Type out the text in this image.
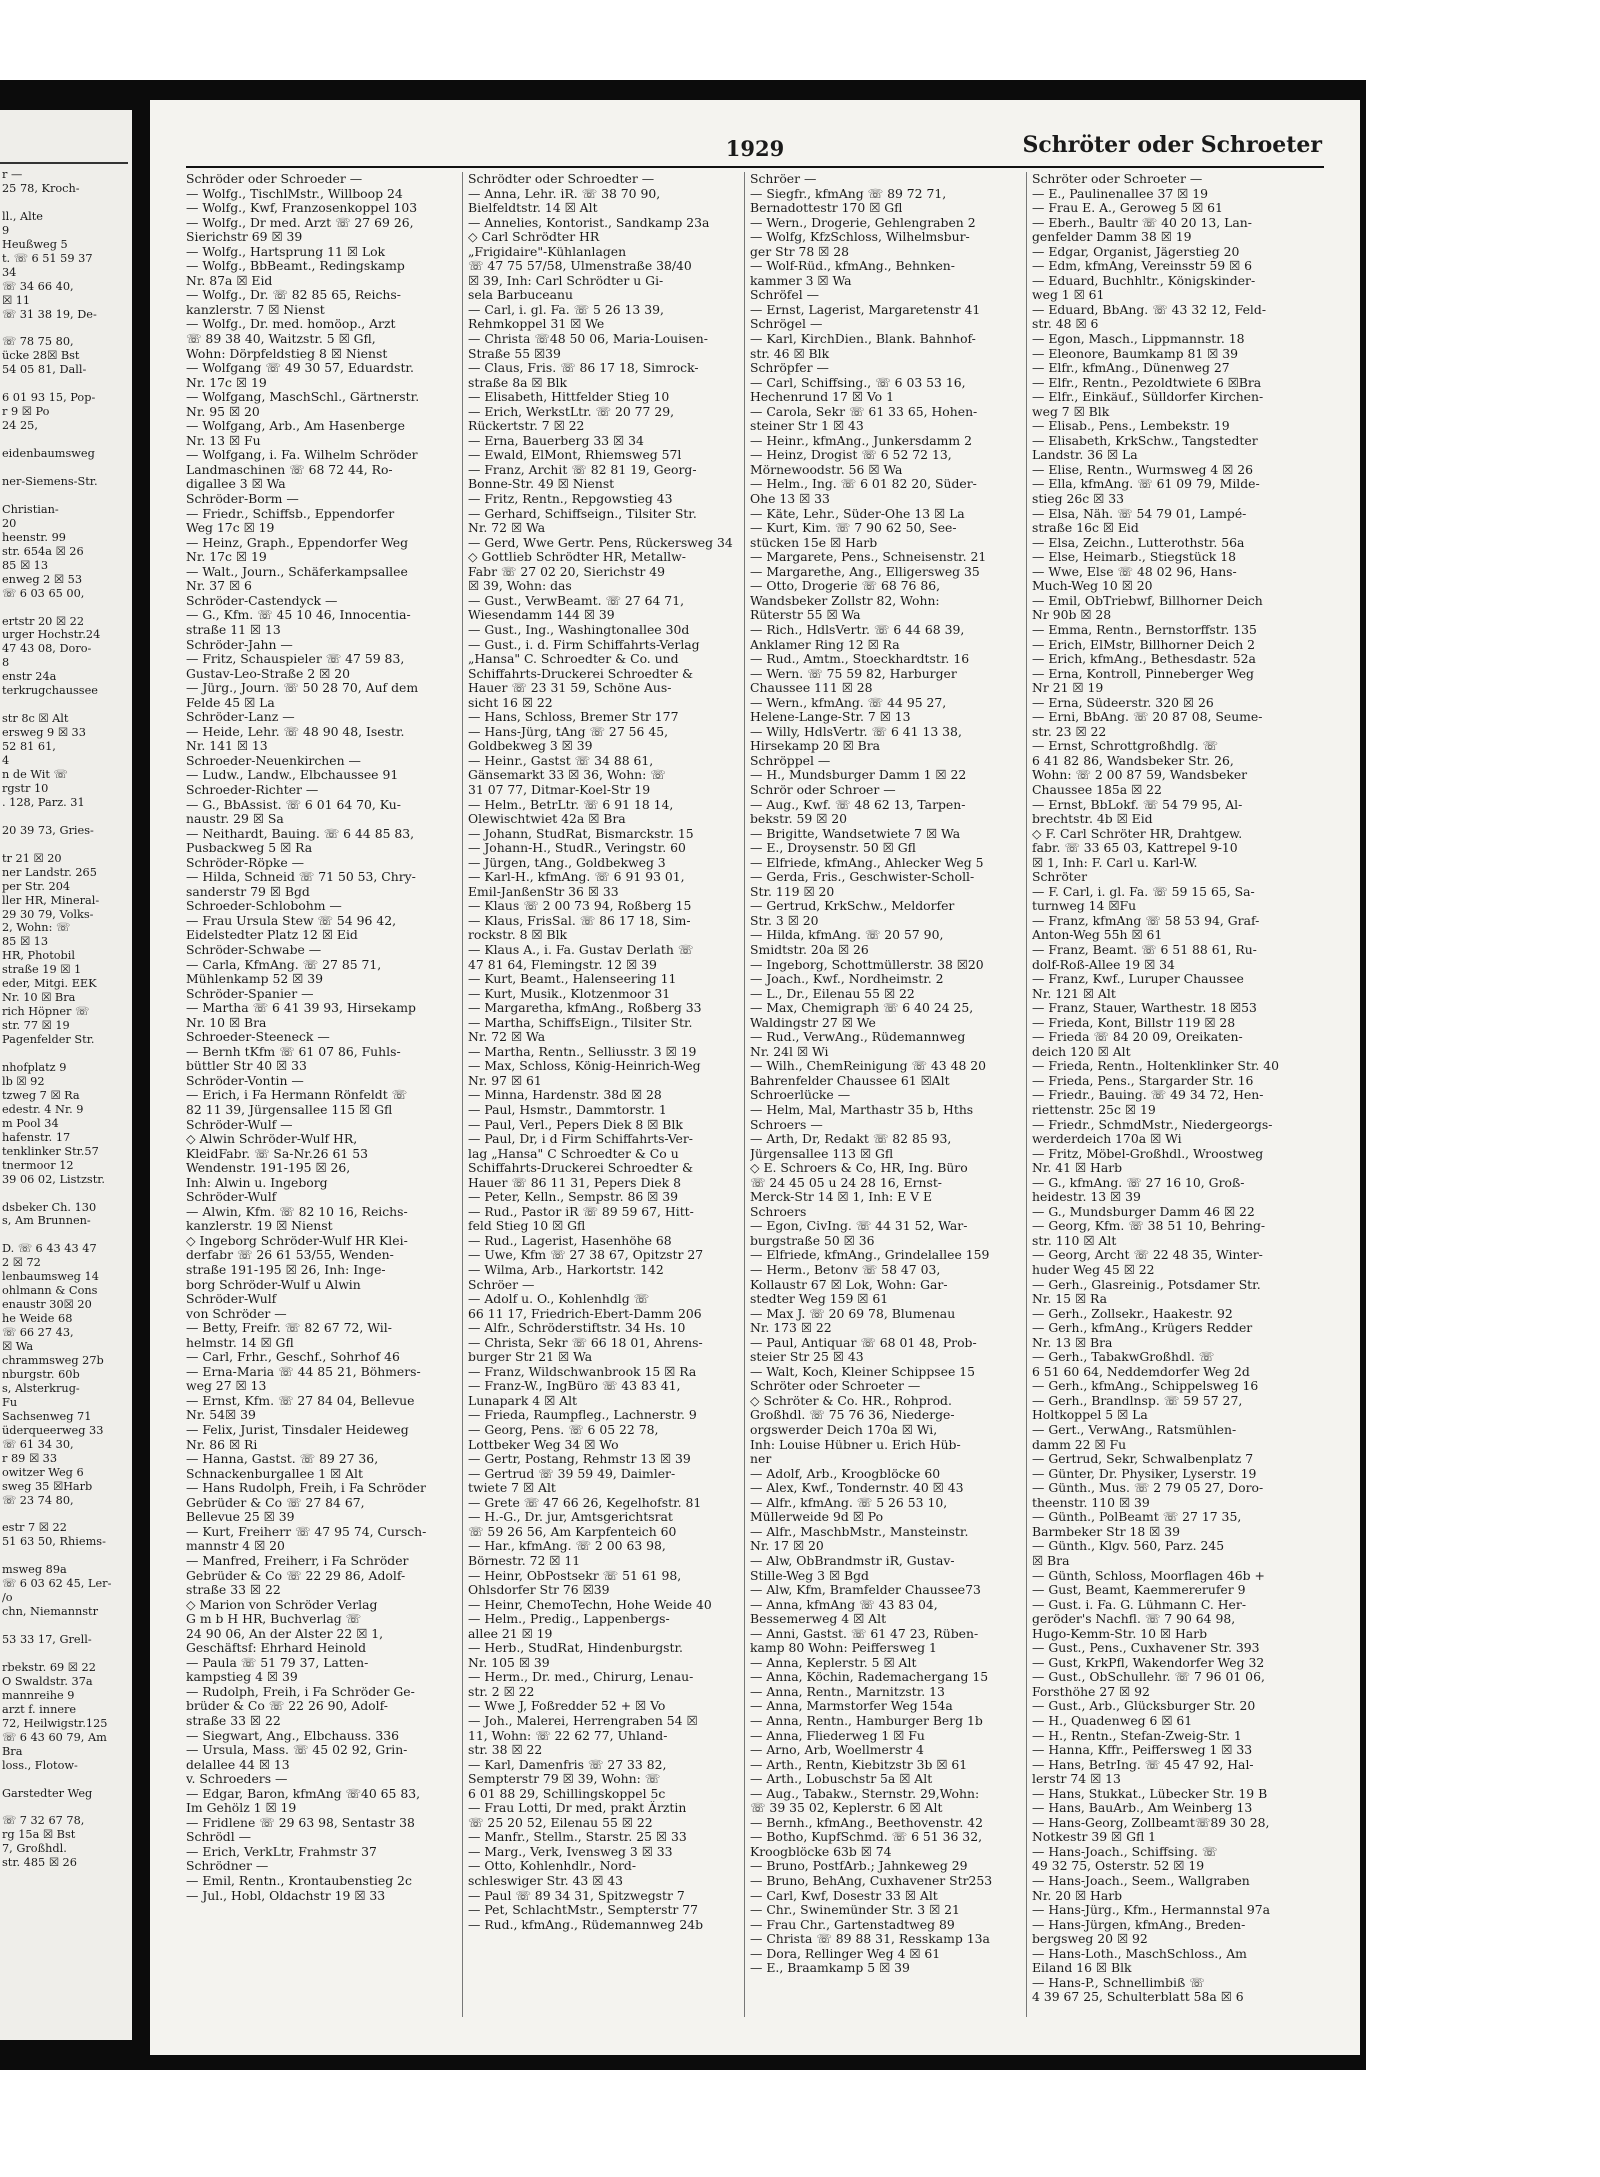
r —
25 78, Kroch-

ll., Alte
9
Heußweg 5
t. ☏ 6 51 59 37
34
☏ 34 66 40,
☒ 11
☏ 31 38 19, De-

☏ 78 75 80,
ücke 28☒ Bst
54 05 81, Dall-

6 01 93 15, Pop-
r 9 ☒ Po
24 25,

eidenbaumsweg

ner-Siemens-Str.

Christian-
20
heenstr. 99
str. 654a ☒ 26
85 ☒ 13
enweg 2 ☒ 53
☏ 6 03 65 00,

ertstr 20 ☒ 22
urger Hochstr.24
47 43 08, Doro-
8
enstr 24a
terkrugchaussee

str 8c ☒ Alt
ersweg 9 ☒ 33
52 81 61,
4
n de Wit ☏
rgstr 10
. 128, Parz. 31

20 39 73, Gries-

tr 21 ☒ 20
ner Landstr. 265
per Str. 204
ller HR, Mineral-
29 30 79, Volks-
2, Wohn: ☏
85 ☒ 13
HR, Photobil
straße 19 ☒ 1
eder, Mitgi. EEK
Nr. 10 ☒ Bra
rich Höpner ☏
str. 77 ☒ 19
Pagenfelder Str.

nhofplatz 9
lb ☒ 92
tzweg 7 ☒ Ra
edestr. 4 Nr. 9
m Pool 34
hafenstr. 17
tenklinker Str.57
tnermoor 12
39 06 02, Listzstr.

dsbeker Ch. 130
s, Am Brunnen-

D. ☏ 6 43 43 47
2 ☒ 72
lenbaumsweg 14
ohlmann & Cons
enaustr 30☒ 20
he Weide 68
☏ 66 27 43,
☒ Wa
chrammsweg 27b
nburgstr. 60b
s, Alsterkrug-
Fu
Sachsenweg 71
üderqueerweg 33
☏ 61 34 30,
r 89 ☒ 33
owitzer Weg 6
sweg 35 ☒Harb
☏ 23 74 80,

estr 7 ☒ 22
51 63 50, Rhiems-

msweg 89a
☏ 6 03 62 45, Ler-
/o
chn, Niemannstr

53 33 17, Grell-

rbekstr. 69 ☒ 22
O Swaldstr. 37a
mannreihe 9
arzt f. innere
72, Heilwigstr.125
☏ 6 43 60 79, Am
Bra
loss., Flotow-

Garstedter Weg

☏ 7 32 67 78,
rg 15a ☒ Bst
7, Großhdl.
str. 485 ☒ 26
1929	Schröter oder Schroeter
Schröder oder Schroeder —
— Wolfg., TischlMstr., Willboop 24
— Wolfg., Kwf, Franzosenkoppel 103
— Wolfg., Dr med. Arzt ☏ 27 69 26,
Sierichstr 69 ☒ 39
— Wolfg., Hartsprung 11 ☒ Lok
— Wolfg., BbBeamt., Redingskamp
Nr. 87a ☒ Eid
— Wolfg., Dr. ☏ 82 85 65, Reichs-
kanzlerstr. 7 ☒ Nienst
— Wolfg., Dr. med. homöop., Arzt
☏ 89 38 40, Waitzstr. 5 ☒ Gfl,
Wohn: Dörpfeldstieg 8 ☒ Nienst
— Wolfgang ☏ 49 30 57, Eduardstr.
Nr. 17c ☒ 19
— Wolfgang, MaschSchl., Gärtnerstr.
Nr. 95 ☒ 20
— Wolfgang, Arb., Am Hasenberge
Nr. 13 ☒ Fu
— Wolfgang, i. Fa. Wilhelm Schröder
Landmaschinen ☏ 68 72 44, Ro-
digallee 3 ☒ Wa
Schröder-Borm —
— Friedr., Schiffsb., Eppendorfer
Weg 17c ☒ 19
— Heinz, Graph., Eppendorfer Weg
Nr. 17c ☒ 19
— Walt., Journ., Schäferkampsallee
Nr. 37 ☒ 6
Schröder-Castendyck —
— G., Kfm. ☏ 45 10 46, Innocentia-
straße 11 ☒ 13
Schröder-Jahn —
— Fritz, Schauspieler ☏ 47 59 83,
Gustav-Leo-Straße 2 ☒ 20
— Jürg., Journ. ☏ 50 28 70, Auf dem
Felde 45 ☒ La
Schröder-Lanz —
— Heide, Lehr. ☏ 48 90 48, Isestr.
Nr. 141 ☒ 13
Schroeder-Neuenkirchen —
— Ludw., Landw., Elbchaussee 91
Schroeder-Richter —
— G., BbAssist. ☏ 6 01 64 70, Ku-
naustr. 29 ☒ Sa
— Neithardt, Bauing. ☏ 6 44 85 83,
Pusbackweg 5 ☒ Ra
Schröder-Röpke —
— Hilda, Schneid ☏ 71 50 53, Chry-
sanderstr 79 ☒ Bgd
Schroeder-Schlobohm —
— Frau Ursula Stew ☏ 54 96 42,
Eidelstedter Platz 12 ☒ Eid
Schröder-Schwabe —
— Carla, KfmAng. ☏ 27 85 71,
Mühlenkamp 52 ☒ 39
Schröder-Spanier —
— Martha ☏ 6 41 39 93, Hirsekamp
Nr. 10 ☒ Bra
Schroeder-Steeneck —
— Bernh tKfm ☏ 61 07 86, Fuhls-
büttler Str 40 ☒ 33
Schröder-Vontin —
— Erich, i Fa Hermann Rönfeldt ☏
82 11 39, Jürgensallee 115 ☒ Gfl
Schröder-Wulf —
◇ Alwin Schröder-Wulf HR,
KleidFabr. ☏ Sa-Nr.26 61 53
Wendenstr. 191-195 ☒ 26,
Inh: Alwin u. Ingeborg
Schröder-Wulf
— Alwin, Kfm. ☏ 82 10 16, Reichs-
kanzlerstr. 19 ☒ Nienst
◇ Ingeborg Schröder-Wulf HR Klei-
derfabr ☏ 26 61 53/55, Wenden-
straße 191-195 ☒ 26, Inh: Inge-
borg Schröder-Wulf u Alwin
Schröder-Wulf
von Schröder —
— Betty, Freifr. ☏ 82 67 72, Wil-
helmstr. 14 ☒ Gfl
— Carl, Frhr., Geschf., Sohrhof 46
— Erna-Maria ☏ 44 85 21, Böhmers-
weg 27 ☒ 13
— Ernst, Kfm. ☏ 27 84 04, Bellevue
Nr. 54☒ 39
— Felix, Jurist, Tinsdaler Heideweg
Nr. 86 ☒ Ri
— Hanna, Gastst. ☏ 89 27 36,
Schnackenburgallee 1 ☒ Alt
— Hans Rudolph, Freih, i Fa Schröder
Gebrüder & Co ☏ 27 84 67,
Bellevue 25 ☒ 39
— Kurt, Freiherr ☏ 47 95 74, Cursch-
mannstr 4 ☒ 20
— Manfred, Freiherr, i Fa Schröder
Gebrüder & Co ☏ 22 29 86, Adolf-
straße 33 ☒ 22
◇ Marion von Schröder Verlag
G m b H HR, Buchverlag ☏
24 90 06, An der Alster 22 ☒ 1,
Geschäftsf: Ehrhard Heinold
— Paula ☏ 51 79 37, Latten-
kampstieg 4 ☒ 39
— Rudolph, Freih, i Fa Schröder Ge-
brüder & Co ☏ 22 26 90, Adolf-
straße 33 ☒ 22
— Siegwart, Ang., Elbchauss. 336
— Ursula, Mass. ☏ 45 02 92, Grin-
delallee 44 ☒ 13
v. Schroeders —
— Edgar, Baron, kfmAng ☏40 65 83,
Im Gehölz 1 ☒ 19
— Fridlene ☏ 29 63 98, Sentastr 38
Schrödl —
— Erich, VerkLtr, Frahmstr 37
Schrödner —
— Emil, Rentn., Krontaubenstieg 2c
— Jul., Hobl, Oldachstr 19 ☒ 33
Schrödter oder Schroedter —
— Anna, Lehr. iR. ☏ 38 70 90,
Bielfeldtstr. 14 ☒ Alt
— Annelies, Kontorist., Sandkamp 23a
◇ Carl Schrödter HR
„Frigidaire"-Kühlanlagen
☏ 47 75 57/58, Ulmenstraße 38/40
☒ 39, Inh: Carl Schrödter u Gi-
sela Barbuceanu
— Carl, i. gl. Fa. ☏ 5 26 13 39,
Rehmkoppel 31 ☒ We
— Christa ☏48 50 06, Maria-Louisen-
Straße 55 ☒39
— Claus, Fris. ☏ 86 17 18, Simrock-
straße 8a ☒ Blk
— Elisabeth, Hittfelder Stieg 10
— Erich, WerkstLtr. ☏ 20 77 29,
Rückertstr. 7 ☒ 22
— Erna, Bauerberg 33 ☒ 34
— Ewald, ElMont, Rhiemsweg 57l
— Franz, Archit ☏ 82 81 19, Georg-
Bonne-Str. 49 ☒ Nienst
— Fritz, Rentn., Repgowstieg 43
— Gerhard, Schiffseign., Tilsiter Str.
Nr. 72 ☒ Wa
— Gerd, Wwe Gertr. Pens, Rückersweg 34
◇ Gottlieb Schrödter HR, Metallw-
Fabr ☏ 27 02 20, Sierichstr 49
☒ 39, Wohn: das
— Gust., VerwBeamt. ☏ 27 64 71,
Wiesendamm 144 ☒ 39
— Gust., Ing., Washingtonallee 30d
— Gust., i. d. Firm Schiffahrts-Verlag
„Hansa" C. Schroedter & Co. und
Schiffahrts-Druckerei Schroedter &
Hauer ☏ 23 31 59, Schöne Aus-
sicht 16 ☒ 22
— Hans, Schloss, Bremer Str 177
— Hans-Jürg, tAng ☏ 27 56 45,
Goldbekweg 3 ☒ 39
— Heinr., Gastst ☏ 34 88 61,
Gänsemarkt 33 ☒ 36, Wohn: ☏
31 07 77, Ditmar-Koel-Str 19
— Helm., BetrLtr. ☏ 6 91 18 14,
Olewischtwiet 42a ☒ Bra
— Johann, StudRat, Bismarckstr. 15
— Johann-H., StudR., Veringstr. 60
— Jürgen, tAng., Goldbekweg 3
— Karl-H., kfmAng. ☏ 6 91 93 01,
Emil-JanßenStr 36 ☒ 33
— Klaus ☏ 2 00 73 94, Roßberg 15
— Klaus, FrisSal. ☏ 86 17 18, Sim-
rockstr. 8 ☒ Blk
— Klaus A., i. Fa. Gustav Derlath ☏
47 81 64, Flemingstr. 12 ☒ 39
— Kurt, Beamt., Halenseering 11
— Kurt, Musik., Klotzenmoor 31
— Margaretha, kfmAng., Roßberg 33
— Martha, SchiffsEign., Tilsiter Str.
Nr. 72 ☒ Wa
— Martha, Rentn., Selliusstr. 3 ☒ 19
— Max, Schloss, König-Heinrich-Weg
Nr. 97 ☒ 61
— Minna, Hardenstr. 38d ☒ 28
— Paul, Hsmstr., Dammtorstr. 1
— Paul, Verl., Pepers Diek 8 ☒ Blk
— Paul, Dr, i d Firm Schiffahrts-Ver-
lag „Hansa" C Schroedter & Co u
Schiffahrts-Druckerei Schroedter &
Hauer ☏ 86 11 31, Pepers Diek 8
— Peter, Kelln., Sempstr. 86 ☒ 39
— Rud., Pastor iR ☏ 89 59 67, Hitt-
feld Stieg 10 ☒ Gfl
— Rud., Lagerist, Hasenhöhe 68
— Uwe, Kfm ☏ 27 38 67, Opitzstr 27
— Wilma, Arb., Harkortstr. 142
Schröer —
— Adolf u. O., Kohlenhdlg ☏
66 11 17, Friedrich-Ebert-Damm 206
— Alfr., Schröderstiftstr. 34 Hs. 10
— Christa, Sekr ☏ 66 18 01, Ahrens-
burger Str 21 ☒ Wa
— Franz, Wildschwanbrook 15 ☒ Ra
— Franz-W., IngBüro ☏ 43 83 41,
Lunapark 4 ☒ Alt
— Frieda, Raumpfleg., Lachnerstr. 9
— Georg, Pens. ☏ 6 05 22 78,
Lottbeker Weg 34 ☒ Wo
— Gertr, Postang, Rehmstr 13 ☒ 39
— Gertrud ☏ 39 59 49, Daimler-
twiete 7 ☒ Alt
— Grete ☏ 47 66 26, Kegelhofstr. 81
— H.-G., Dr. jur, Amtsgerichtsrat
☏ 59 26 56, Am Karpfenteich 60
— Har., kfmAng. ☏ 2 00 63 98,
Börnestr. 72 ☒ 11
— Heinr, ObPostsekr ☏ 51 61 98,
Ohlsdorfer Str 76 ☒39
— Heinr, ChemoTechn, Hohe Weide 40
— Helm., Predig., Lappenbergs-
allee 21 ☒ 19
— Herb., StudRat, Hindenburgstr.
Nr. 105 ☒ 39
— Herm., Dr. med., Chirurg, Lenau-
str. 2 ☒ 22
— Wwe J, Foßredder 52 + ☒ Vo
— Joh., Malerei, Herrengraben 54 ☒
11, Wohn: ☏ 22 62 77, Uhland-
str. 38 ☒ 22
— Karl, Damenfris ☏ 27 33 82,
Sempterstr 79 ☒ 39, Wohn: ☏
6 01 88 29, Schillingskoppel 5c
— Frau Lotti, Dr med, prakt Ärztin
☏ 25 20 52, Eilenau 55 ☒ 22
— Manfr., Stellm., Starstr. 25 ☒ 33
— Marg., Verk, Ivensweg 3 ☒ 33
— Otto, Kohlenhdlr., Nord-
schleswiger Str. 43 ☒ 43
— Paul ☏ 89 34 31, Spitzwegstr 7
— Pet, SchlachtMstr., Sempterstr 77
— Rud., kfmAng., Rüdemannweg 24b
Schröer —
— Siegfr., kfmAng ☏ 89 72 71,
Bernadottestr 170 ☒ Gfl
— Wern., Drogerie, Gehlengraben 2
— Wolfg, KfzSchloss, Wilhelmsbur-
ger Str 78 ☒ 28
— Wolf-Rüd., kfmAng., Behnken-
kammer 3 ☒ Wa
Schröfel —
— Ernst, Lagerist, Margaretenstr 41
Schrögel —
— Karl, KirchDien., Blank. Bahnhof-
str. 46 ☒ Blk
Schröpfer —
— Carl, Schiffsing., ☏ 6 03 53 16,
Hechenrund 17 ☒ Vo 1
— Carola, Sekr ☏ 61 33 65, Hohen-
steiner Str 1 ☒ 43
— Heinr., kfmAng., Junkersdamm 2
— Heinz, Drogist ☏ 6 52 72 13,
Mörnewoodstr. 56 ☒ Wa
— Helm., Ing. ☏ 6 01 82 20, Süder-
Ohe 13 ☒ 33
— Käte, Lehr., Süder-Ohe 13 ☒ La
— Kurt, Kim. ☏ 7 90 62 50, See-
stücken 15e ☒ Harb
— Margarete, Pens., Schneisenstr. 21
— Margarethe, Ang., Elligersweg 35
— Otto, Drogerie ☏ 68 76 86,
Wandsbeker Zollstr 82, Wohn:
Rüterstr 55 ☒ Wa
— Rich., HdlsVertr. ☏ 6 44 68 39,
Anklamer Ring 12 ☒ Ra
— Rud., Amtm., Stoeckhardtstr. 16
— Wern. ☏ 75 59 82, Harburger
Chaussee 111 ☒ 28
— Wern., kfmAng. ☏ 44 95 27,
Helene-Lange-Str. 7 ☒ 13
— Willy, HdlsVertr. ☏ 6 41 13 38,
Hirsekamp 20 ☒ Bra
Schröppel —
— H., Mundsburger Damm 1 ☒ 22
Schrör oder Schroer —
— Aug., Kwf. ☏ 48 62 13, Tarpen-
bekstr. 59 ☒ 20
— Brigitte, Wandsetwiete 7 ☒ Wa
— E., Droysenstr. 50 ☒ Gfl
— Elfriede, kfmAng., Ahlecker Weg 5
— Gerda, Fris., Geschwister-Scholl-
Str. 119 ☒ 20
— Gertrud, KrkSchw., Meldorfer
Str. 3 ☒ 20
— Hilda, kfmAng. ☏ 20 57 90,
Smidtstr. 20a ☒ 26
— Ingeborg, Schottmüllerstr. 38 ☒20
— Joach., Kwf., Nordheimstr. 2
— L., Dr., Eilenau 55 ☒ 22
— Max, Chemigraph ☏ 6 40 24 25,
Waldingstr 27 ☒ We
— Rud., VerwAng., Rüdemannweg
Nr. 24l ☒ Wi
— Wilh., ChemReinigung ☏ 43 48 20
Bahrenfelder Chaussee 61 ☒Alt
Schroerlücke —
— Helm, Mal, Marthastr 35 b, Hths
Schroers —
— Arth, Dr, Redakt ☏ 82 85 93,
Jürgensallee 113 ☒ Gfl
◇ E. Schroers & Co, HR, Ing. Büro
☏ 24 45 05 u 24 28 16, Ernst-
Merck-Str 14 ☒ 1, Inh: E V E
Schroers
— Egon, CivIng. ☏ 44 31 52, War-
burgstraße 50 ☒ 36
— Elfriede, kfmAng., Grindelallee 159
— Herm., Betonv ☏ 58 47 03,
Kollaustr 67 ☒ Lok, Wohn: Gar-
stedter Weg 159 ☒ 61
— Max J. ☏ 20 69 78, Blumenau
Nr. 173 ☒ 22
— Paul, Antiquar ☏ 68 01 48, Prob-
steier Str 25 ☒ 43
— Walt, Koch, Kleiner Schippsee 15
Schröter oder Schroeter —
◇ Schröter & Co. HR., Rohprod.
Großhdl. ☏ 75 76 36, Niederge-
orgswerder Deich 170a ☒ Wi,
Inh: Louise Hübner u. Erich Hüb-
ner
— Adolf, Arb., Kroogblöcke 60
— Alex, Kwf., Tondernstr. 40 ☒ 43
— Alfr., kfmAng. ☏ 5 26 53 10,
Müllerweide 9d ☒ Po
— Alfr., MaschbMstr., Mansteinstr.
Nr. 17 ☒ 20
— Alw, ObBrandmstr iR, Gustav-
Stille-Weg 3 ☒ Bgd
— Alw, Kfm, Bramfelder Chaussee73
— Anna, kfmAng ☏ 43 83 04,
Bessemerweg 4 ☒ Alt
— Anni, Gastst. ☏ 61 47 23, Rüben-
kamp 80 Wohn: Peiffersweg 1
— Anna, Keplerstr. 5 ☒ Alt
— Anna, Köchin, Rademachergang 15
— Anna, Rentn., Marnitzstr. 13
— Anna, Marmstorfer Weg 154a
— Anna, Rentn., Hamburger Berg 1b
— Anna, Fliederweg 1 ☒ Fu
— Arno, Arb, Woellmerstr 4
— Arth., Rentn, Kiebitzstr 3b ☒ 61
— Arth., Lobuschstr 5a ☒ Alt
— Aug., Tabakw., Sternstr. 29,Wohn:
☏ 39 35 02, Keplerstr. 6 ☒ Alt
— Bernh., kfmAng., Beethovenstr. 42
— Botho, KupfSchmd. ☏ 6 51 36 32,
Kroogblöcke 63b ☒ 74
— Bruno, PostfArb.; Jahnkeweg 29
— Bruno, BehAng, Cuxhavener Str253
— Carl, Kwf, Dosestr 33 ☒ Alt
— Chr., Swinemünder Str. 3 ☒ 21
— Frau Chr., Gartenstadtweg 89
— Christa ☏ 89 88 31, Resskamp 13a
— Dora, Rellinger Weg 4 ☒ 61
— E., Braamkamp 5 ☒ 39
Schröter oder Schroeter —
— E., Paulinenallee 37 ☒ 19
— Frau E. A., Geroweg 5 ☒ 61
— Eberh., Baultr ☏ 40 20 13, Lan-
genfelder Damm 38 ☒ 19
— Edgar, Organist, Jägerstieg 20
— Edm, kfmAng, Vereinsstr 59 ☒ 6
— Eduard, Buchhltr., Königskinder-
weg 1 ☒ 61
— Eduard, BbAng. ☏ 43 32 12, Feld-
str. 48 ☒ 6
— Egon, Masch., Lippmannstr. 18
— Eleonore, Baumkamp 81 ☒ 39
— Elfr., kfmAng., Dünenweg 27
— Elfr., Rentn., Pezoldtwiete 6 ☒Bra
— Elfr., Einkäuf., Sülldorfer Kirchen-
weg 7 ☒ Blk
— Elisab., Pens., Lembekstr. 19
— Elisabeth, KrkSchw., Tangstedter
Landstr. 36 ☒ La
— Elise, Rentn., Wurmsweg 4 ☒ 26
— Ella, kfmAng. ☏ 61 09 79, Milde-
stieg 26c ☒ 33
— Elsa, Näh. ☏ 54 79 01, Lampé-
straße 16c ☒ Eid
— Elsa, Zeichn., Lutterothstr. 56a
— Else, Heimarb., Stiegstück 18
— Wwe, Else ☏ 48 02 96, Hans-
Much-Weg 10 ☒ 20
— Emil, ObTriebwf, Billhorner Deich
Nr 90b ☒ 28
— Emma, Rentn., Bernstorffstr. 135
— Erich, ElMstr, Billhorner Deich 2
— Erich, kfmAng., Bethesdastr. 52a
— Erna, Kontroll, Pinneberger Weg
Nr 21 ☒ 19
— Erna, Südeerstr. 320 ☒ 26
— Erni, BbAng. ☏ 20 87 08, Seume-
str. 23 ☒ 22
— Ernst, Schrottgroßhdlg. ☏
6 41 82 86, Wandsbeker Str. 26,
Wohn: ☏ 2 00 87 59, Wandsbeker
Chaussee 185a ☒ 22
— Ernst, BbLokf. ☏ 54 79 95, Al-
brechtstr. 4b ☒ Eid
◇ F. Carl Schröter HR, Drahtgew.
fabr. ☏ 33 65 03, Kattrepel 9-10
☒ 1, Inh: F. Carl u. Karl-W.
Schröter
— F. Carl, i. gl. Fa. ☏ 59 15 65, Sa-
turnweg 14 ☒Fu
— Franz, kfmAng ☏ 58 53 94, Graf-
Anton-Weg 55h ☒ 61
— Franz, Beamt. ☏ 6 51 88 61, Ru-
dolf-Roß-Allee 19 ☒ 34
— Franz, Kwf., Luruper Chaussee
Nr. 121 ☒ Alt
— Franz, Stauer, Warthestr. 18 ☒53
— Frieda, Kont, Billstr 119 ☒ 28
— Frieda ☏ 84 20 09, Oreikaten-
deich 120 ☒ Alt
— Frieda, Rentn., Holtenklinker Str. 40
— Frieda, Pens., Stargarder Str. 16
— Friedr., Bauing. ☏ 49 34 72, Hen-
riettenstr. 25c ☒ 19
— Friedr., SchmdMstr., Niedergeorgs-
werderdeich 170a ☒ Wi
— Fritz, Möbel-Großhdl., Wroostweg
Nr. 41 ☒ Harb
— G., kfmAng. ☏ 27 16 10, Groß-
heidestr. 13 ☒ 39
— G., Mundsburger Damm 46 ☒ 22
— Georg, Kfm. ☏ 38 51 10, Behring-
str. 110 ☒ Alt
— Georg, Archt ☏ 22 48 35, Winter-
huder Weg 45 ☒ 22
— Gerh., Glasreinig., Potsdamer Str.
Nr. 15 ☒ Ra
— Gerh., Zollsekr., Haakestr. 92
— Gerh., kfmAng., Krügers Redder
Nr. 13 ☒ Bra
— Gerh., TabakwGroßhdl. ☏
6 51 60 64, Neddemdorfer Weg 2d
— Gerh., kfmAng., Schippelsweg 16
— Gerh., Brandlnsp. ☏ 59 57 27,
Holtkoppel 5 ☒ La
— Gert., VerwAng., Ratsmühlen-
damm 22 ☒ Fu
— Gertrud, Sekr, Schwalbenplatz 7
— Günter, Dr. Physiker, Lyserstr. 19
— Günth., Mus. ☏ 2 79 05 27, Doro-
theenstr. 110 ☒ 39
— Günth., PolBeamt ☏ 27 17 35,
Barmbeker Str 18 ☒ 39
— Günth., Klgv. 560, Parz. 245
☒ Bra
— Günth, Schloss, Moorflagen 46b +
— Gust, Beamt, Kaemmererufer 9
— Gust. i. Fa. G. Lühmann C. Her-
geröder's Nachfl. ☏ 7 90 64 98,
Hugo-Kemm-Str. 10 ☒ Harb
— Gust., Pens., Cuxhavener Str. 393
— Gust, KrkPfl, Wakendorfer Weg 32
— Gust., ObSchullehr. ☏ 7 96 01 06,
Forsthöhe 27 ☒ 92
— Gust., Arb., Glücksburger Str. 20
— H., Quadenweg 6 ☒ 61
— H., Rentn., Stefan-Zweig-Str. 1
— Hanna, Kffr., Peiffersweg 1 ☒ 33
— Hans, BetrIng. ☏ 45 47 92, Hal-
lerstr 74 ☒ 13
— Hans, Stukkat., Lübecker Str. 19 B
— Hans, BauArb., Am Weinberg 13
— Hans-Georg, Zollbeamt☏89 30 28,
Notkestr 39 ☒ Gfl 1
— Hans-Joach., Schiffsing. ☏
49 32 75, Osterstr. 52 ☒ 19
— Hans-Joach., Seem., Wallgraben
Nr. 20 ☒ Harb
— Hans-Jürg., Kfm., Hermannstal 97a
— Hans-Jürgen, kfmAng., Breden-
bergsweg 20 ☒ 92
— Hans-Loth., MaschSchloss., Am
Eiland 16 ☒ Blk
— Hans-P., Schnellimbiß ☏
4 39 67 25, Schulterblatt 58a ☒ 6
